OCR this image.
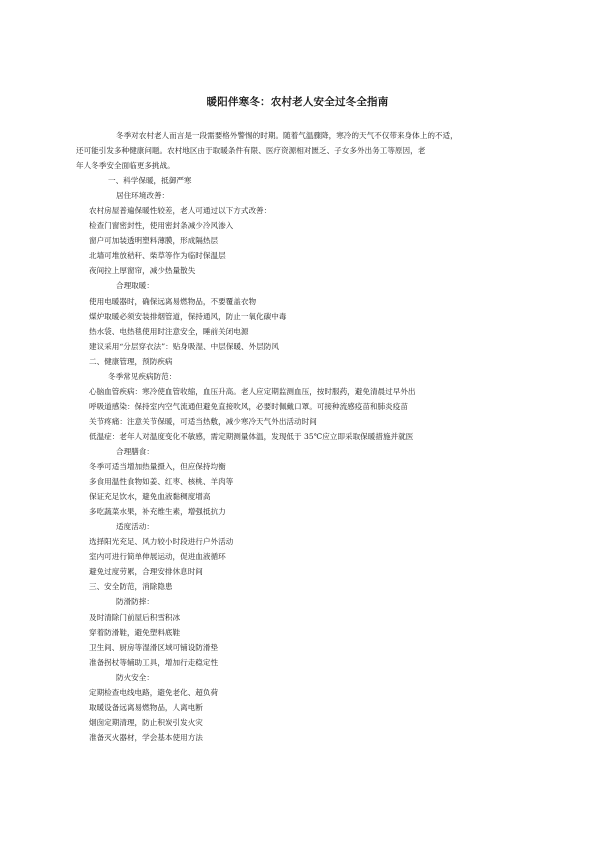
暖阳伴寒冬：农村老人安全过冬全指南
冬季对农村老人而言是一段需要格外警惕的时期。随着气温骤降，寒冷的天气不仅带来身体上的不适，
还可能引发多种健康问题。农村地区由于取暖条件有限、医疗资源相对匮乏、子女多外出务工等原因，老
年人冬季安全面临更多挑战。
一、科学保暖，抵御严寒
居住环境改善：
农村房屋普遍保暖性较差，老人可通过以下方式改善：
检查门窗密封性，使用密封条减少冷风渗入
窗户可加装透明塑料薄膜，形成隔热层
北墙可堆放秸秆、柴草等作为临时保温层
夜间拉上厚窗帘，减少热量散失
合理取暖：
使用电暖器时，确保远离易燃物品，不要覆盖衣物
煤炉取暖必须安装排烟管道，保持通风，防止一氧化碳中毒
热水袋、电热毯使用时注意安全，睡前关闭电源
建议采用“分层穿衣法”：贴身吸湿、中层保暖、外层防风
二、健康管理，预防疾病
冬季常见疾病防范：
心脑血管疾病：寒冷使血管收缩，血压升高。老人应定期监测血压，按时服药，避免清晨过早外出
呼吸道感染：保持室内空气流通但避免直接吹风，必要时佩戴口罩。可接种流感疫苗和肺炎疫苗
关节疼痛：注意关节保暖，可适当热敷，减少寒冷天气外出活动时间
低温症：老年人对温度变化不敏感，需定期测量体温，发现低于 35℃应立即采取保暖措施并就医
合理膳食：
冬季可适当增加热量摄入，但应保持均衡
多食用温性食物如姜、红枣、核桃、羊肉等
保证充足饮水，避免血液黏稠度增高
多吃蔬菜水果，补充维生素，增强抵抗力
适度活动：
选择阳光充足、风力较小时段进行户外活动
室内可进行简单伸展运动，促进血液循环
避免过度劳累，合理安排休息时间
三、安全防范，消除隐患
防滑防摔：
及时清除门前屋后积雪积冰
穿着防滑鞋，避免塑料底鞋
卫生间、厨房等湿滑区域可铺设防滑垫
准备拐杖等辅助工具，增加行走稳定性
防火安全：
定期检查电线电路，避免老化、超负荷
取暖设备远离易燃物品，人离电断
烟囱定期清理，防止积炭引发火灾
准备灭火器材，学会基本使用方法
